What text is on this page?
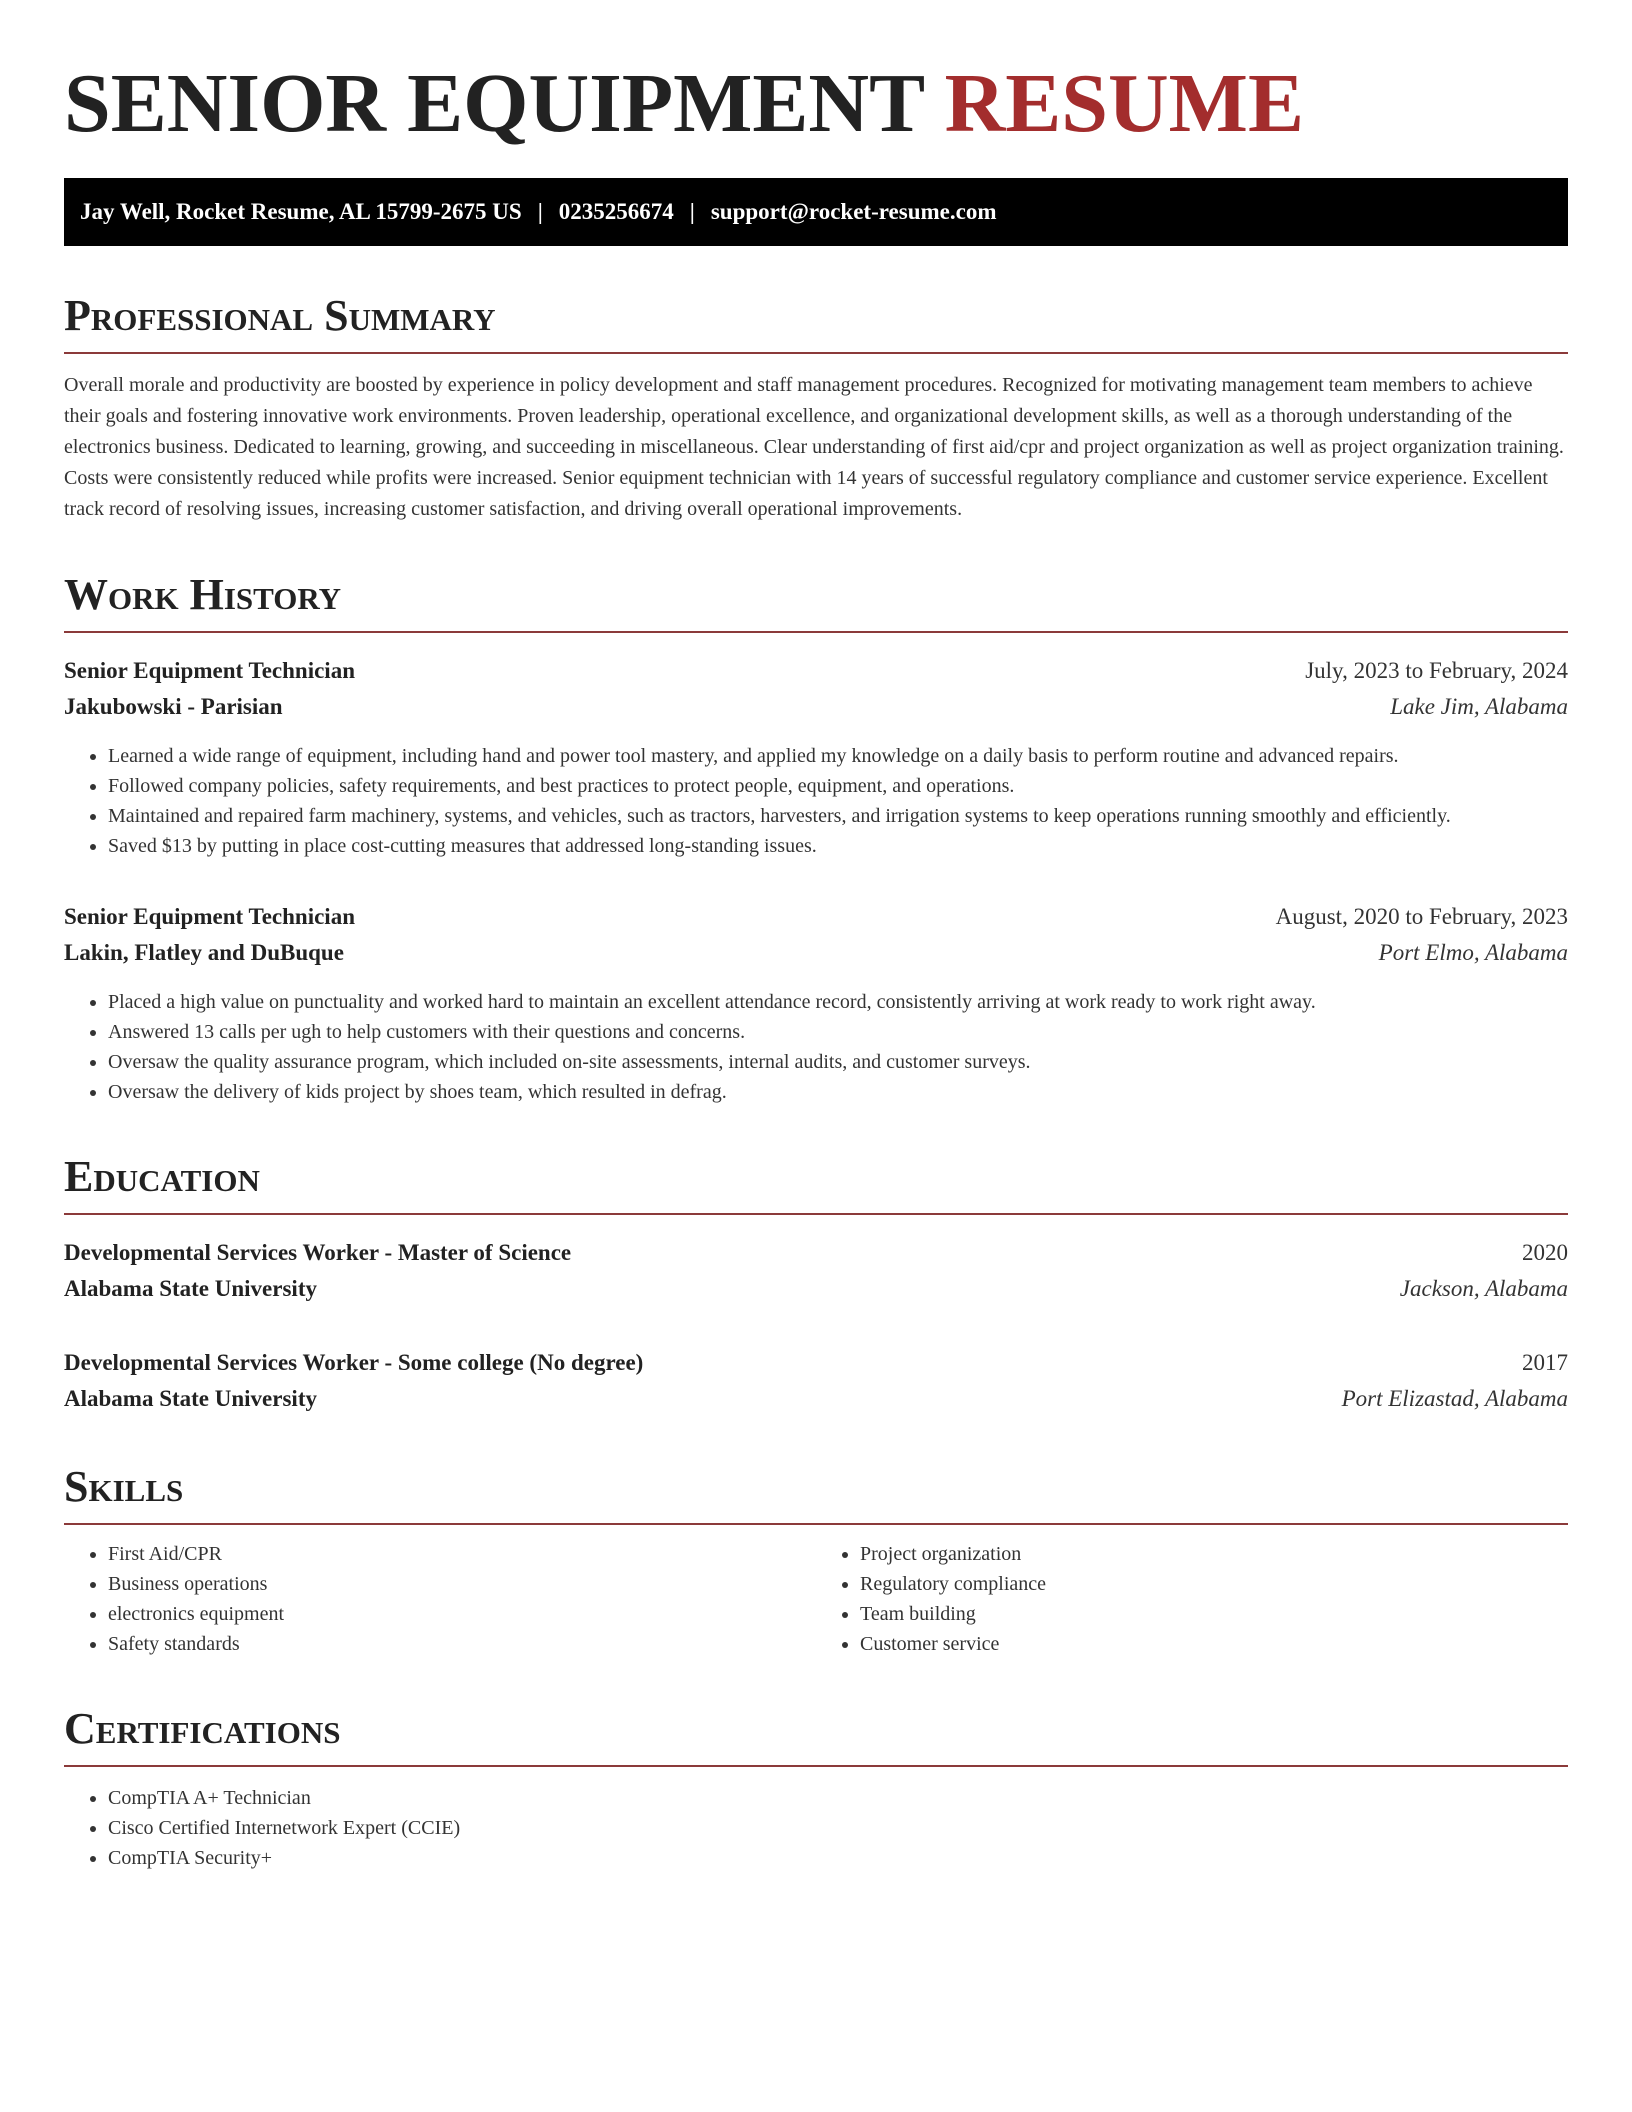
SENIOR EQUIPMENT RESUME
Jay Well, Rocket Resume, AL 15799-2675 US | 0235256674 | support@rocket-resume.com
Professional Summary

Overall morale and productivity are boosted by experience in policy development and staff management procedures. Recognized for motivating management team members to achieve their goals and fostering innovative work environments. Proven leadership, operational excellence, and organizational development skills, as well as a thorough understanding of the electronics business. Dedicated to learning, growing, and succeeding in miscellaneous. Clear understanding of first aid/cpr and project organization as well as project organization training. Costs were consistently reduced while profits were increased. Senior equipment technician with 14 years of successful regulatory compliance and customer service experience. Excellent track record of resolving issues, increasing customer satisfaction, and driving overall operational improvements.

Work History
Senior Equipment Technician	July, 2023 to February, 2024
Jakubowski - Parisian	Lake Jim, Alabama
• Learned a wide range of equipment, including hand and power tool mastery, and applied my knowledge on a daily basis to perform routine and advanced repairs.
• Followed company policies, safety requirements, and best practices to protect people, equipment, and operations.
• Maintained and repaired farm machinery, systems, and vehicles, such as tractors, harvesters, and irrigation systems to keep operations running smoothly and efficiently.
• Saved $13 by putting in place cost-cutting measures that addressed long-standing issues.
Senior Equipment Technician	August, 2020 to February, 2023
Lakin, Flatley and DuBuque	Port Elmo, Alabama
• Placed a high value on punctuality and worked hard to maintain an excellent attendance record, consistently arriving at work ready to work right away.
• Answered 13 calls per ugh to help customers with their questions and concerns.
• Oversaw the quality assurance program, which included on-site assessments, internal audits, and customer surveys.
• Oversaw the delivery of kids project by shoes team, which resulted in defrag.
Education
Developmental Services Worker - Master of Science	2020
Alabama State University	Jackson, Alabama
Developmental Services Worker - Some college (No degree)	2017
Alabama State University	Port Elizastad, Alabama
Skills
• First Aid/CPR
• Business operations
• electronics equipment
• Safety standards
• Project organization
• Regulatory compliance
• Team building
• Customer service
Certifications
• CompTIA A+ Technician
• Cisco Certified Internetwork Expert (CCIE)
• CompTIA Security+
